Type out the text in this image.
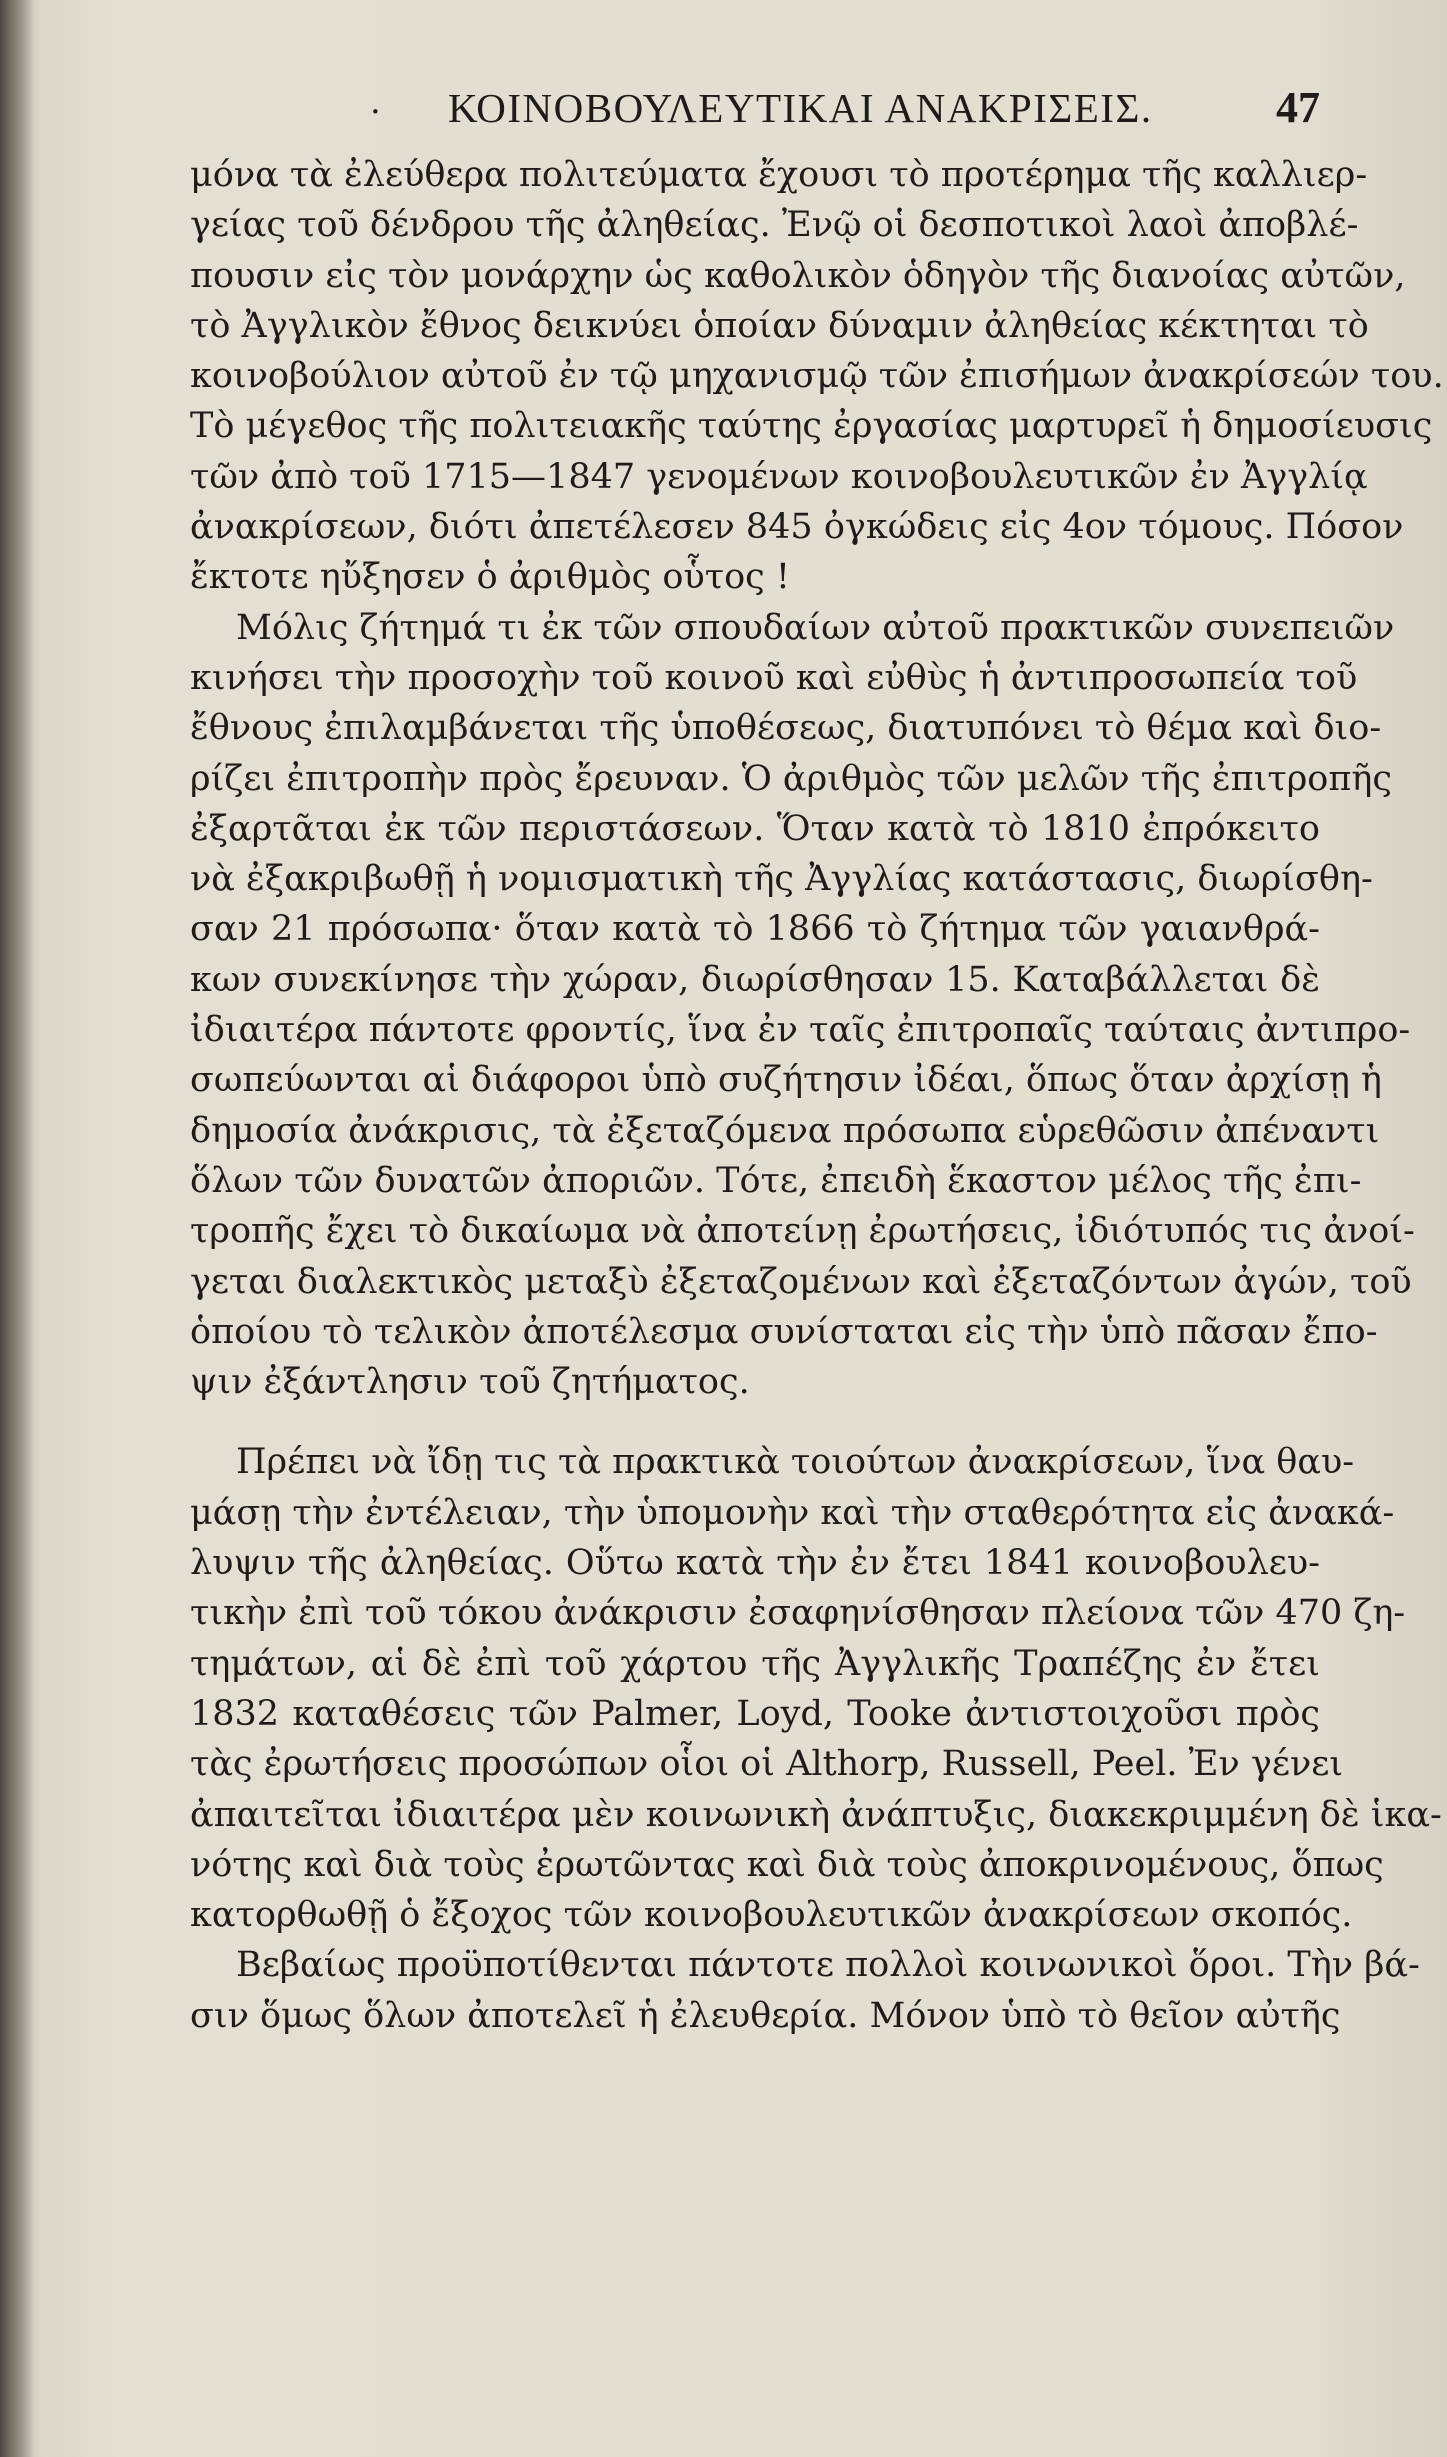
· ΚΟΙΝΟΒΟΥΛΕΥΤΙΚΑΙ ΑΝΑΚΡΙΣΕΙΣ.	47
μόνα τὰ ἐλεύθερα πολιτεύματα ἔχουσι τὸ προτέρημα τῆς καλλιερ-
γείας τοῦ δένδρου τῆς ἀληθείας. Ἐνῷ οἱ δεσποτικοὶ λαοὶ ἀποβλέ-
πουσιν εἰς τὸν μονάρχην ὡς καθολικὸν ὁδηγὸν τῆς διανοίας αὐτῶν,
τὸ Ἀγγλικὸν ἔθνος δεικνύει ὁποίαν δύναμιν ἀληθείας κέκτηται τὸ
κοινοβούλιον αὐτοῦ ἐν τῷ μηχανισμῷ τῶν ἐπισήμων ἀνακρίσεών του.
Τὸ μέγεθος τῆς πολιτειακῆς ταύτης ἐργασίας μαρτυρεῖ ἡ δημοσίευσις
τῶν ἀπὸ τοῦ 1715—1847 γενομένων κοινοβουλευτικῶν ἐν Ἀγγλίᾳ
ἀνακρίσεων, διότι ἀπετέλεσεν 845 ὀγκώδεις εἰς 4ον τόμους. Πόσον
ἔκτοτε ηὔξησεν ὁ ἀριθμὸς οὗτος !
Μόλις ζήτημά τι ἐκ τῶν σπουδαίων αὐτοῦ πρακτικῶν συνεπειῶν
κινήσει τὴν προσοχὴν τοῦ κοινοῦ καὶ εὐθὺς ἡ ἀντιπροσωπεία τοῦ
ἔθνους ἐπιλαμβάνεται τῆς ὑποθέσεως, διατυπόνει τὸ θέμα καὶ διο-
ρίζει ἐπιτροπὴν πρὸς ἔρευναν. Ὁ ἀριθμὸς τῶν μελῶν τῆς ἐπιτροπῆς
ἐξαρτᾶται ἐκ τῶν περιστάσεων. Ὅταν κατὰ τὸ 1810 ἐπρόκειτο
νὰ ἐξακριβωθῇ ἡ νομισματικὴ τῆς Ἀγγλίας κατάστασις, διωρίσθη-
σαν 21 πρόσωπα· ὅταν κατὰ τὸ 1866 τὸ ζήτημα τῶν γαιανθρά-
κων συνεκίνησε τὴν χώραν, διωρίσθησαν 15. Καταβάλλεται δὲ
ἰδιαιτέρα πάντοτε φροντίς, ἵνα ἐν ταῖς ἐπιτροπαῖς ταύταις ἀντιπρο-
σωπεύωνται αἱ διάφοροι ὑπὸ συζήτησιν ἰδέαι, ὅπως ὅταν ἀρχίσῃ ἡ
δημοσία ἀνάκρισις, τὰ ἐξεταζόμενα πρόσωπα εὑρεθῶσιν ἀπέναντι
ὅλων τῶν δυνατῶν ἀποριῶν. Τότε, ἐπειδὴ ἕκαστον μέλος τῆς ἐπι-
τροπῆς ἔχει τὸ δικαίωμα νὰ ἀποτείνῃ ἐρωτήσεις, ἰδιότυπός τις ἀνοί-
γεται διαλεκτικὸς μεταξὺ ἐξεταζομένων καὶ ἐξεταζόντων ἀγών, τοῦ
ὁποίου τὸ τελικὸν ἀποτέλεσμα συνίσταται εἰς τὴν ὑπὸ πᾶσαν ἔπο-
ψιν ἐξάντλησιν τοῦ ζητήματος.
Πρέπει νὰ ἴδῃ τις τὰ πρακτικὰ τοιούτων ἀνακρίσεων, ἵνα θαυ-
μάσῃ τὴν ἐντέλειαν, τὴν ὑπομονὴν καὶ τὴν σταθερότητα εἰς ἀνακά-
λυψιν τῆς ἀληθείας. Οὕτω κατὰ τὴν ἐν ἔτει 1841 κοινοβουλευ-
τικὴν ἐπὶ τοῦ τόκου ἀνάκρισιν ἐσαφηνίσθησαν πλείονα τῶν 470 ζη-
τημάτων, αἱ δὲ ἐπὶ τοῦ χάρτου τῆς Ἀγγλικῆς Τραπέζης ἐν ἔτει
1832 καταθέσεις τῶν Palmer, Loyd, Tooke ἀντιστοιχοῦσι πρὸς
τὰς ἐρωτήσεις προσώπων οἷοι οἱ Althorp, Russell, Peel. Ἐν γένει
ἀπαιτεῖται ἰδιαιτέρα μὲν κοινωνικὴ ἀνάπτυξις, διακεκριμμένη δὲ ἱκα-
νότης καὶ διὰ τοὺς ἐρωτῶντας καὶ διὰ τοὺς ἀποκρινομένους, ὅπως
κατορθωθῇ ὁ ἔξοχος τῶν κοινοβουλευτικῶν ἀνακρίσεων σκοπός.
Βεβαίως προϋποτίθενται πάντοτε πολλοὶ κοινωνικοὶ ὅροι. Τὴν βά-
σιν ὅμως ὅλων ἀποτελεῖ ἡ ἐλευθερία. Μόνον ὑπὸ τὸ θεῖον αὐτῆς
